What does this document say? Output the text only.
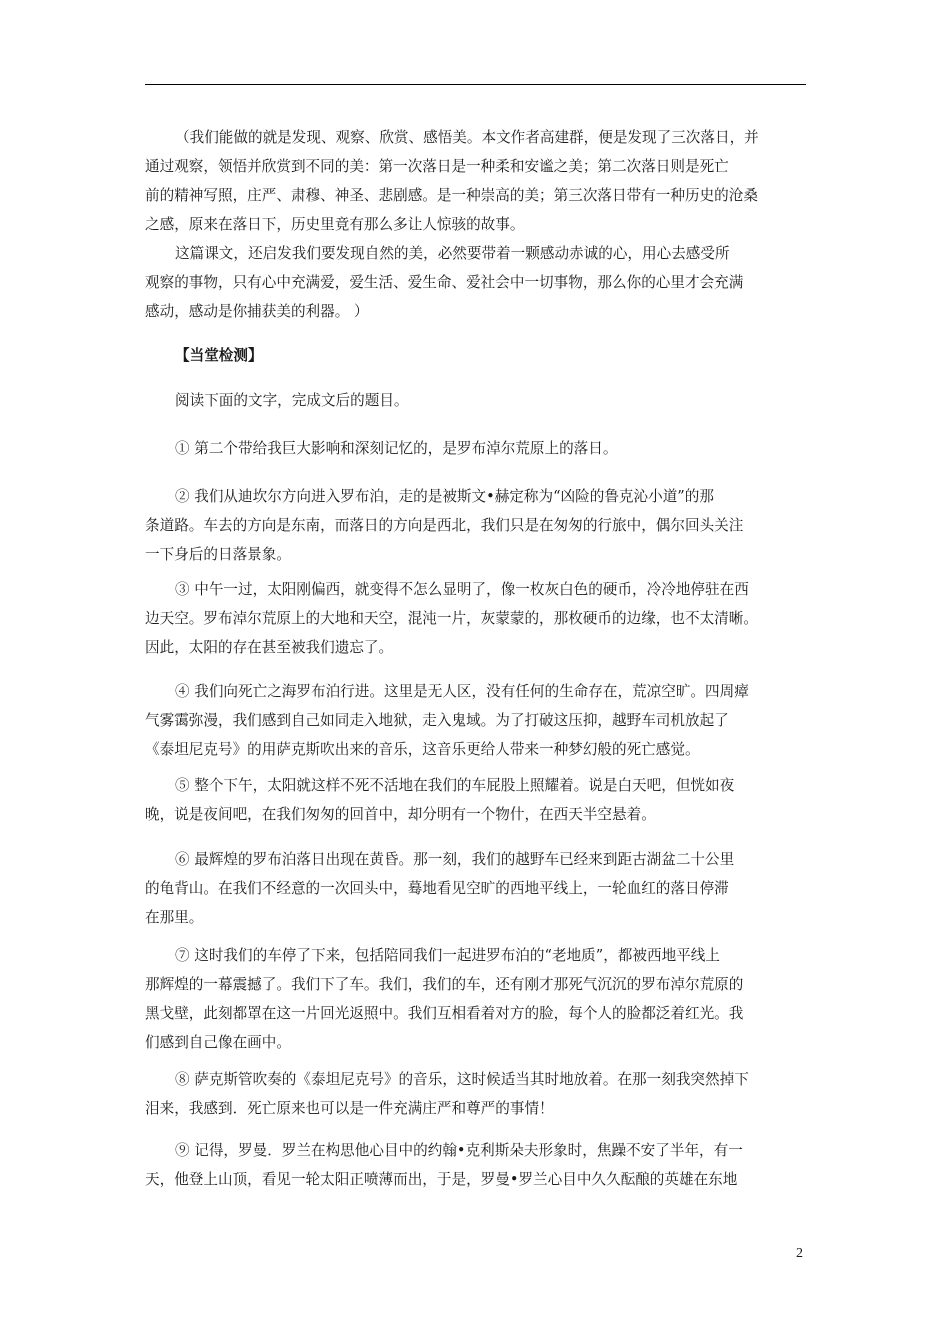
（我们能做的就是发现、观察、欣赏、感悟美。本文作者高建群，便是发现了三次落日，并
通过观察，领悟并欣赏到不同的美：第一次落日是一种柔和安谧之美；第二次落日则是死亡
前的精神写照，庄严、肃穆、神圣、悲剧感。是一种崇高的美；第三次落日带有一种历史的沧桑
之感，原来在落日下，历史里竟有那么多让人惊骇的故事。

这篇课文，还启发我们要发现自然的美，必然要带着一颗感动赤诚的心，用心去感受所
观察的事物，只有心中充满爱，爱生活、爱生命、爱社会中一切事物，那么你的心里才会充满
感动，感动是你捕获美的利器。 ）

【当堂检测】

阅读下面的文字，完成文后的题目。

① 第二个带给我巨大影响和深刻记忆的，是罗布淖尔荒原上的落日。

② 我们从迪坎尔方向进入罗布泊，走的是被斯文•赫定称为“凶险的鲁克沁小道”的那
条道路。车去的方向是东南，而落日的方向是西北，我们只是在匆匆的行旅中，偶尔回头关注
一下身后的日落景象。

③ 中午一过，太阳刚偏西，就变得不怎么显明了，像一枚灰白色的硬币，冷冷地停驻在西
边天空。罗布淖尔荒原上的大地和天空，混沌一片，灰蒙蒙的，那枚硬币的边缘，也不太清晰。
因此，太阳的存在甚至被我们遗忘了。

④ 我们向死亡之海罗布泊行进。这里是无人区，没有任何的生命存在，荒凉空旷。四周瘴
气雾霭弥漫，我们感到自己如同走入地狱，走入鬼域。为了打破这压抑，越野车司机放起了
《泰坦尼克号》的用萨克斯吹出来的音乐，这音乐更给人带来一种梦幻般的死亡感觉。

⑤ 整个下午，太阳就这样不死不活地在我们的车屁股上照耀着。说是白天吧，但恍如夜
晚，说是夜间吧，在我们匆匆的回首中，却分明有一个物什，在西天半空悬着。

⑥ 最辉煌的罗布泊落日出现在黄昏。那一刻，我们的越野车已经来到距古湖盆二十公里
的龟背山。在我们不经意的一次回头中，蓦地看见空旷的西地平线上，一轮血红的落日停滞
在那里。

⑦ 这时我们的车停了下来，包括陪同我们一起进罗布泊的“老地质”，都被西地平线上
那辉煌的一幕震撼了。我们下了车。我们，我们的车，还有刚才那死气沉沉的罗布淖尔荒原的
黑戈壁，此刻都罩在这一片回光返照中。我们互相看着对方的脸，每个人的脸都泛着红光。我
们感到自己像在画中。

⑧ 萨克斯管吹奏的《泰坦尼克号》的音乐，这时候适当其时地放着。在那一刻我突然掉下
泪来，我感到．死亡原来也可以是一件充满庄严和尊严的事情！

⑨ 记得，罗曼．罗兰在构思他心目中的约翰•克利斯朵夫形象时，焦躁不安了半年，有一
天，他登上山顶，看见一轮太阳正喷薄而出，于是，罗曼•罗兰心目中久久酝酿的英雄在东地

2
